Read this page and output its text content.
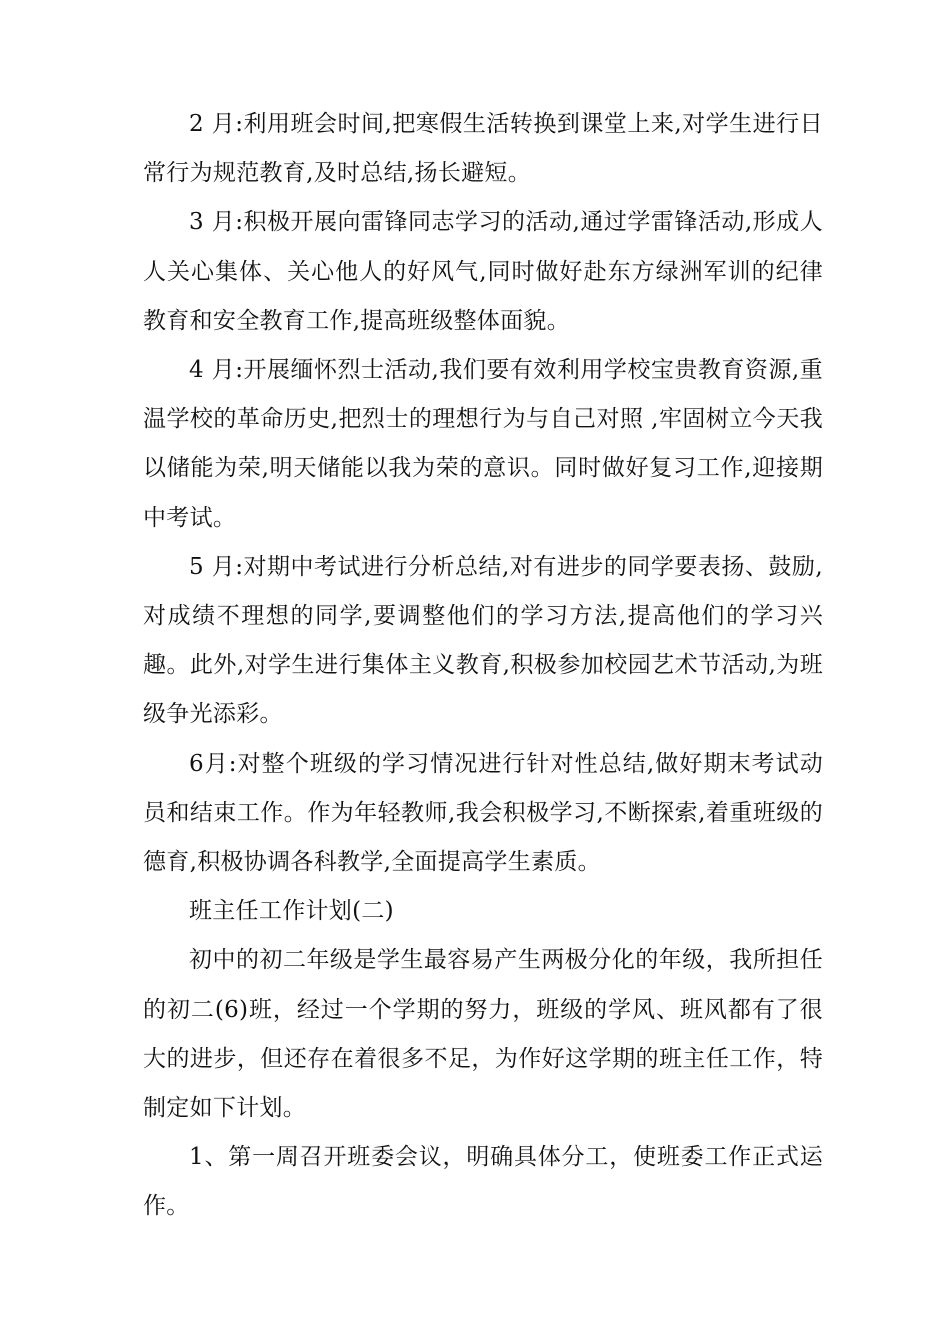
2 月:利用班会时间,把寒假生活转换到课堂上来,对学生进行日常行为规范教育,及时总结,扬长避短。

3 月:积极开展向雷锋同志学习的活动,通过学雷锋活动,形成人人关心集体、关心他人的好风气,同时做好赴东方绿洲军训的纪律教育和安全教育工作,提高班级整体面貌。

4 月:开展缅怀烈士活动,我们要有效利用学校宝贵教育资源,重温学校的革命历史,把烈士的理想行为与自己对照 ,牢固树立今天我以储能为荣,明天储能以我为荣的意识。同时做好复习工作,迎接期中考试。

5 月:对期中考试进行分析总结,对有进步的同学要表扬、鼓励,对成绩不理想的同学,要调整他们的学习方法,提高他们的学习兴趣。此外,对学生进行集体主义教育,积极参加校园艺术节活动,为班级争光添彩。

6月:对整个班级的学习情况进行针对性总结,做好期末考试动员和结束工作。作为年轻教师,我会积极学习,不断探索,着重班级的德育,积极协调各科教学,全面提高学生素质。

班主任工作计划(二)

初中的初二年级是学生最容易产生两极分化的年级，我所担任的初二(6)班，经过一个学期的努力，班级的学风、班风都有了很大的进步，但还存在着很多不足，为作好这学期的班主任工作，特制定如下计划。

1、第一周召开班委会议，明确具体分工，使班委工作正式运作。
